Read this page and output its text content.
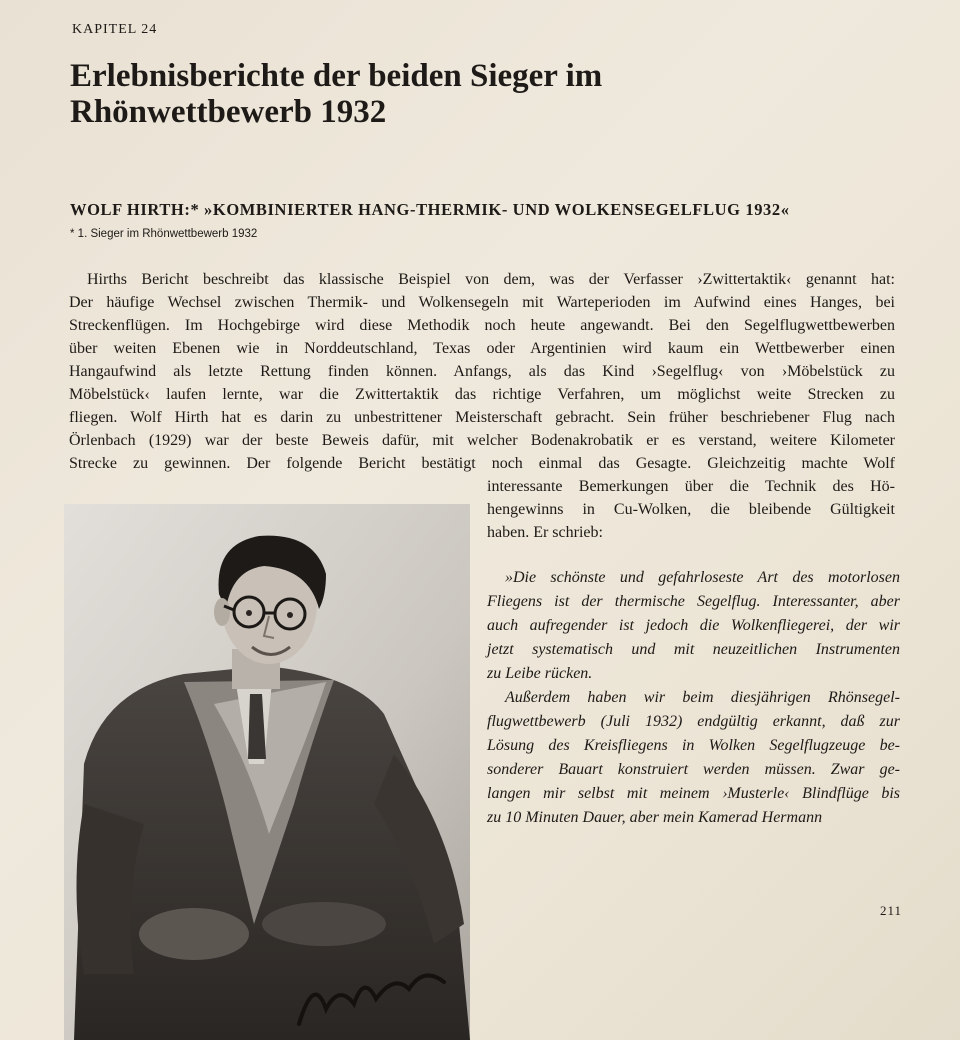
KAPITEL 24
Erlebnisberichte der beiden Sieger im
Rhönwettbewerb 1932
WOLF HIRTH:* »KOMBINIERTER HANG-THERMIK- UND WOLKENSEGELFLUG 1932«
* 1. Sieger im Rhönwettbewerb 1932
Hirths Bericht beschreibt das klassische Beispiel von dem, was der Verfasser ›Zwittertaktik‹ genannt hat:
Der häufige Wechsel zwischen Thermik- und Wolkensegeln mit Warteperioden im Aufwind eines Hanges, bei
Streckenflügen. Im Hochgebirge wird diese Methodik noch heute angewandt. Bei den Segelflugwettbewerben
über weiten Ebenen wie in Norddeutschland, Texas oder Argentinien wird kaum ein Wettbewerber einen
Hangaufwind als letzte Rettung finden können. Anfangs, als das Kind ›Segelflug‹ von ›Möbelstück zu
Möbelstück‹ laufen lernte, war die Zwittertaktik das richtige Verfahren, um möglichst weite Strecken zu
fliegen. Wolf Hirth hat es darin zu unbestrittener Meisterschaft gebracht. Sein früher beschriebener Flug nach
Örlenbach (1929) war der beste Beweis dafür, mit welcher Bodenakrobatik er es verstand, weitere Kilometer
Strecke zu gewinnen. Der folgende Bericht bestätigt noch einmal das Gesagte. Gleichzeitig machte Wolf
interessante Bemerkungen über die Technik des Hö-
hengewinns in Cu-Wolken, die bleibende Gültigkeit
haben. Er schrieb:
»Die schönste und gefahrloseste Art des motorlosen
Fliegens ist der thermische Segelflug. Interessanter, aber
auch aufregender ist jedoch die Wolkenfliegerei, der wir
jetzt systematisch und mit neuzeitlichen Instrumenten
zu Leibe rücken.
Außerdem haben wir beim diesjährigen Rhönsegel-
flugwettbewerb (Juli 1932) endgültig erkannt, daß zur
Lösung des Kreisfliegens in Wolken Segelflugzeuge be-
sonderer Bauart konstruiert werden müssen. Zwar ge-
langen mir selbst mit meinem ›Musterle‹ Blindflüge bis
zu 10 Minuten Dauer, aber mein Kamerad Hermann
211
